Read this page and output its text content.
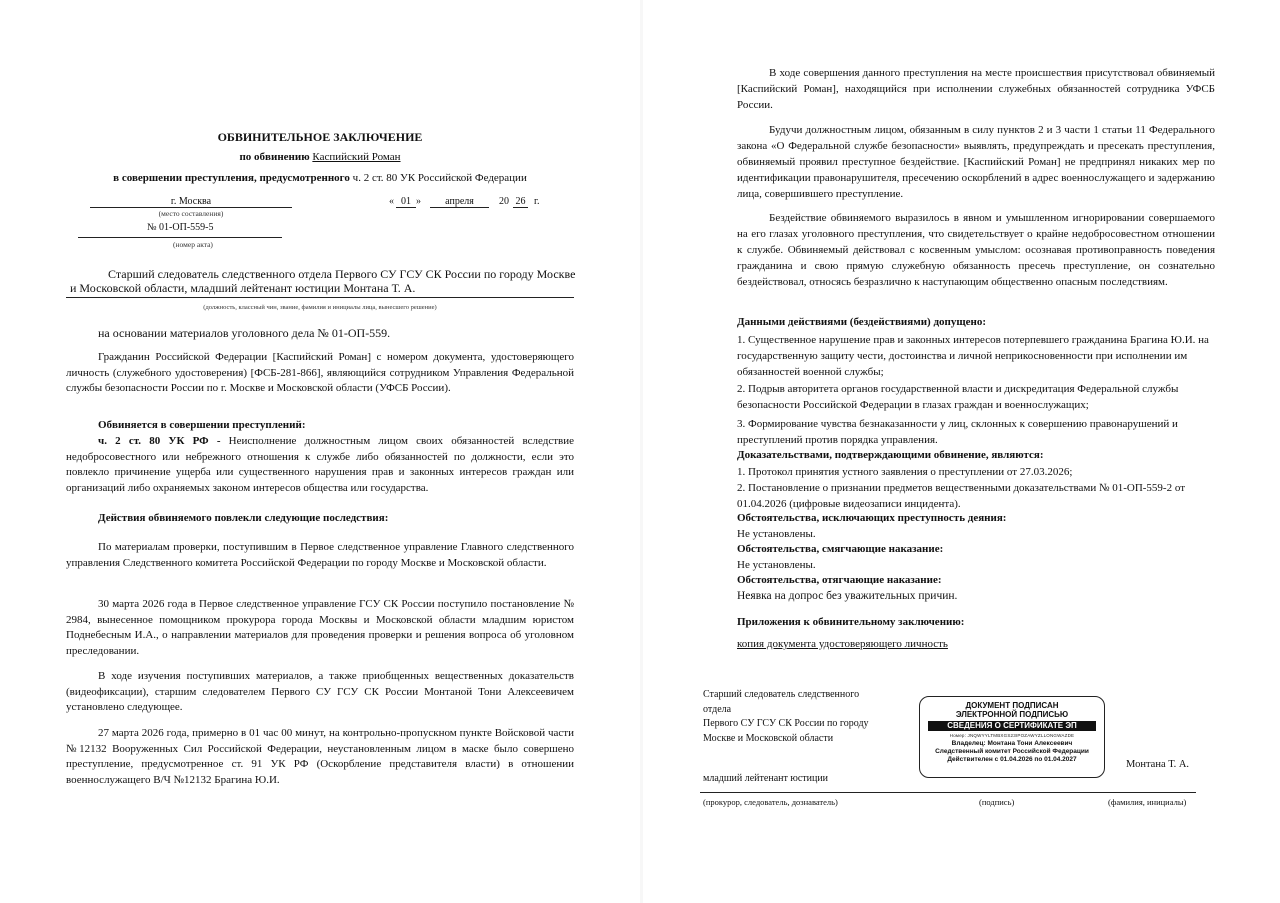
ОБВИНИТЕЛЬНОЕ ЗАКЛЮЧЕНИЕ
по обвинению Каспийский Роман
в совершении преступления, предусмотренного ч. 2 ст. 80 УК Российской Федерации
г. Москва
(место составления)
« 01 »	апреля	20 26 г.
№ 01-ОП-559-5
(номер акта)
Старший следователь следственного отдела Первого СУ ГСУ СК России по городу Москве
и Московской области, младший лейтенант юстиции Монтана Т. А.
(должность, классный чин, звание, фамилия и инициалы лица, вынесшего решение)
на основании материалов уголовного дела № 01-ОП-559.

Гражданин Российской Федерации [Каспийский Роман] с номером документа, удостоверяющего личность (служебного удостоверения) [ФСБ-281-866], являющийся сотрудником Управления Федеральной службы безопасности России по г. Москве и Московской области (УФСБ России).

Обвиняется в совершении преступлений:

ч. 2 ст. 80 УК РФ - Неисполнение должностным лицом своих обязанностей вследствие недобросовестного или небрежного отношения к службе либо обязанностей по должности, если это повлекло причинение ущерба или существенного нарушения прав и законных интересов граждан или организаций либо охраняемых законом интересов общества или государства.

Действия обвиняемого повлекли следующие последствия:

По материалам проверки, поступившим в Первое следственное управление Главного следственного управления Следственного комитета Российской Федерации по городу Москве и Московской области.

30 марта 2026 года в Первое следственное управление ГСУ СК России поступило постановление № 2984, вынесенное помощником прокурора города Москвы и Московской области младшим юристом Поднебесным И.А., о направлении материалов для проведения проверки и решения вопроса об уголовном преследовании.

В ходе изучения поступивших материалов, а также приобщенных вещественных доказательств (видеофиксации), старшим следователем Первого СУ ГСУ СК России Монтаной Тони Алексеевичем установлено следующее.

27 марта 2026 года, примерно в 01 час 00 минут, на контрольно-пропускном пункте Войсковой части №12132 Вооруженных Сил Российской Федерации, неустановленным лицом в маске было совершено преступление, предусмотренное ст. 91 УК РФ (Оскорбление представителя власти) в отношении военнослужащего В/Ч №12132 Брагина Ю.И.

В ходе совершения данного преступления на месте происшествия присутствовал обвиняемый [Каспийский Роман], находящийся при исполнении служебных обязанностей сотрудника УФСБ России.

Будучи должностным лицом, обязанным в силу пунктов 2 и 3 части 1 статьи 11 Федерального закона «О Федеральной службе безопасности» выявлять, предупреждать и пресекать преступления, обвиняемый проявил преступное бездействие. [Каспийский Роман] не предпринял никаких мер по идентификации правонарушителя, пресечению оскорблений в адрес военнослужащего и задержанию лица, совершившего преступление.

Бездействие обвиняемого выразилось в явном и умышленном игнорировании совершаемого на его глазах уголовного преступления, что свидетельствует о крайне недобросовестном отношении к службе. Обвиняемый действовал с косвенным умыслом: осознавая противоправность поведения гражданина и свою прямую служебную обязанность пресечь преступление, он сознательно бездействовал, относясь безразлично к наступающим общественно опасным последствиям.

Данными действиями (бездействиями) допущено:

1. Существенное нарушение прав и законных интересов потерпевшего гражданина Брагина Ю.И. на государственную защиту чести, достоинства и личной неприкосновенности при исполнении им обязанностей военной службы;

2. Подрыв авторитета органов государственной власти и дискредитация Федеральной службы безопасности Российской Федерации в глазах граждан и военнослужащих;

3. Формирование чувства безнаказанности у лиц, склонных к совершению правонарушений и преступлений против порядка управления.

Доказательствами, подтверждающими обвинение, являются:

1. Протокол принятия устного заявления о преступлении от 27.03.2026;

2. Постановление о признании предметов вещественными доказательствами № 01-ОП-559-2 от 01.04.2026 (цифровые видеозаписи инцидента).

Обстоятельства, исключающих преступность деяния:
Не установлены.
Обстоятельства, смягчающие наказание:
Не установлены.
Обстоятельства, отягчающие наказание:
Неявка на допрос без уважительных причин.
Приложения к обвинительному заключению:
копия документа удостоверяющего личность
Старший следователь следственного
отдела
Первого СУ ГСУ СК России по городу
Москве и Московской области
младший лейтенант юстиции
ДОКУМЕНТ ПОДПИСАН
ЭЛЕКТРОННОЙ ПОДПИСЬЮ
СВЕДЕНИЯ О СЕРТИФИКАТЕ ЭП
Номер: JNQWYYLTMBXGS23IPOZAWYZLLONGWAZDE
Владелец: Монтана Тони Алексеевич
Следственный комитет Российской Федерации
Действителен с 01.04.2026 по 01.04.2027	Монтана Т. А.
(прокурор, следователь, дознаватель)	(подпись)	(фамилия, инициалы)
